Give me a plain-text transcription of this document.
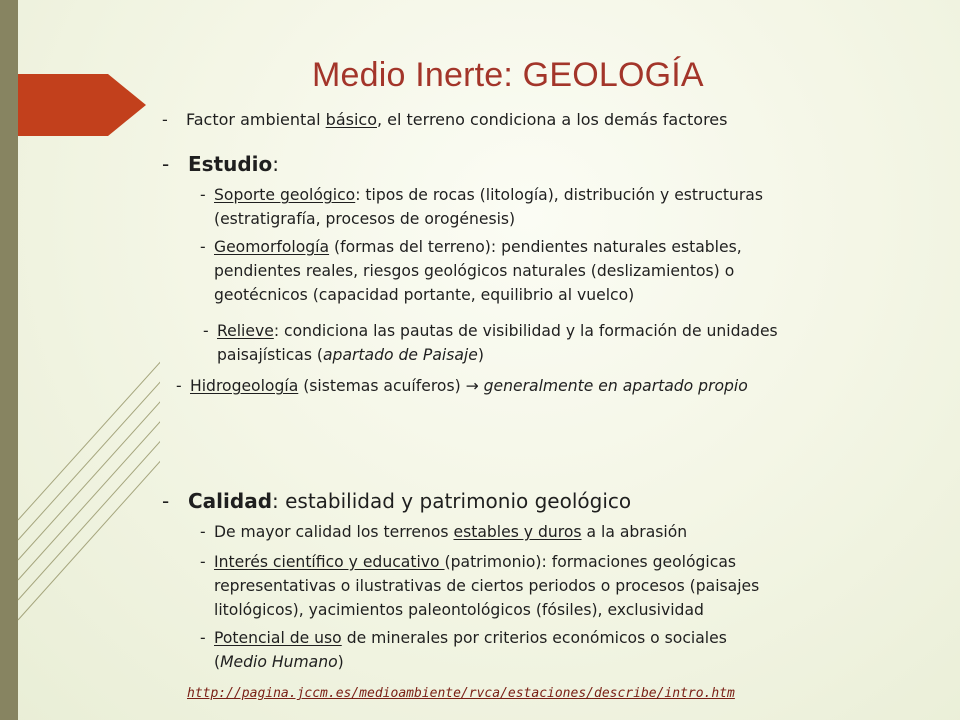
Medio Inerte: GEOLOGÍA
- Factor ambiental básico, el terreno condiciona a los demás factores
- Estudio:
- Soporte geológico: tipos de rocas (litología), distribución y estructuras
(estratigrafía, procesos de orogénesis)
- Geomorfología (formas del terreno): pendientes naturales estables,
pendientes reales, riesgos geológicos naturales (deslizamientos) o
geotécnicos (capacidad portante, equilibrio al vuelco)
- Relieve: condiciona las pautas de visibilidad y la formación de unidades
paisajísticas (apartado de Paisaje)
- Hidrogeología (sistemas acuíferos) → generalmente en apartado propio
- Calidad: estabilidad y patrimonio geológico
- De mayor calidad los terrenos estables y duros a la abrasión
- Interés científico y educativo (patrimonio): formaciones geológicas
representativas o ilustrativas de ciertos periodos o procesos (paisajes
litológicos), yacimientos paleontológicos (fósiles), exclusividad
- Potencial de uso de minerales por criterios económicos o sociales
(Medio Humano)
http://pagina.jccm.es/medioambiente/rvca/estaciones/describe/intro.htm
